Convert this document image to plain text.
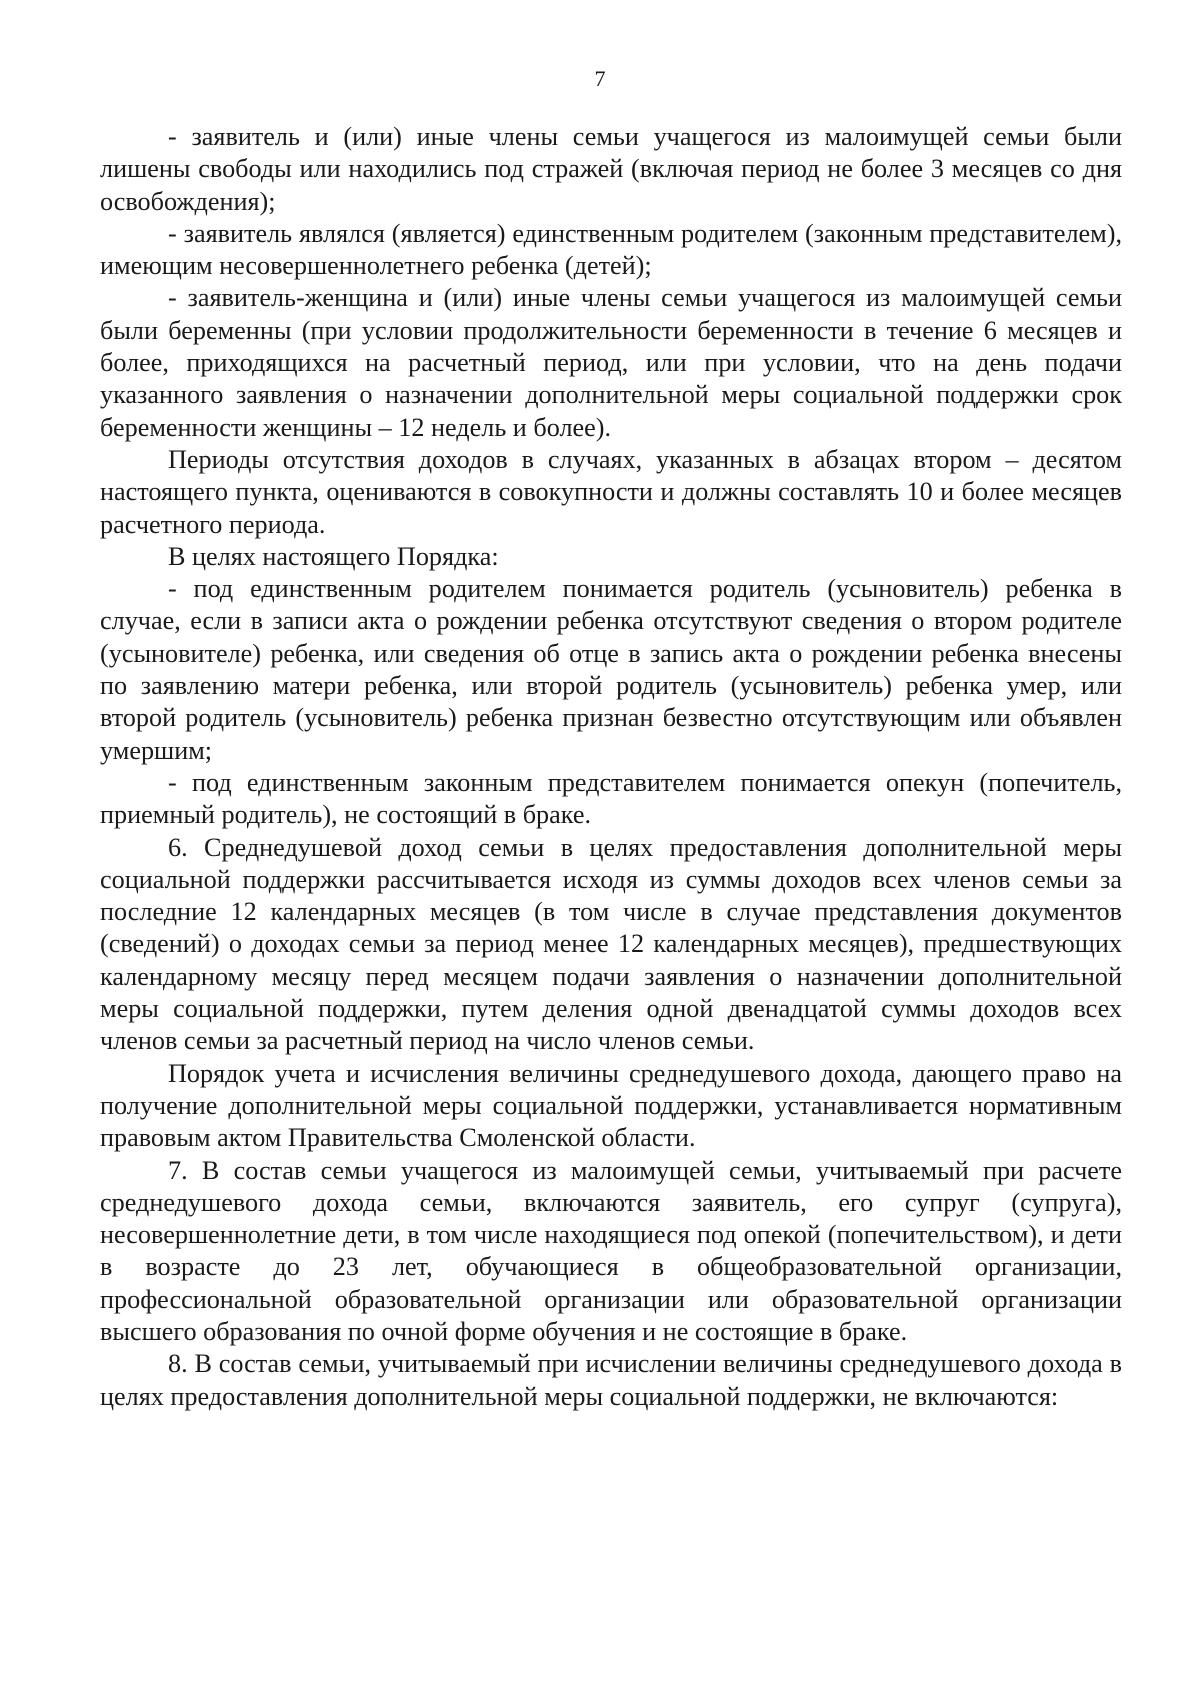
7

- заявитель и (или) иные члены семьи учащегося из малоимущей семьи были лишены свободы или находились под стражей (включая период не более 3 месяцев со дня освобождения);

- заявитель являлся (является) единственным родителем (законным представителем), имеющим несовершеннолетнего ребенка (детей);

- заявитель-женщина и (или) иные члены семьи учащегося из малоимущей семьи были беременны (при условии продолжительности беременности в течение 6 месяцев и более, приходящихся на расчетный период, или при условии, что на день подачи указанного заявления о назначении дополнительной меры социальной поддержки срок беременности женщины – 12 недель и более).

Периоды отсутствия доходов в случаях, указанных в абзацах втором – десятом настоящего пункта, оцениваются в совокупности и должны составлять 10 и более месяцев расчетного периода.

В целях настоящего Порядка:

- под единственным родителем понимается родитель (усыновитель) ребенка в случае, если в записи акта о рождении ребенка отсутствуют сведения о втором родителе (усыновителе) ребенка, или сведения об отце в запись акта о рождении ребенка внесены по заявлению матери ребенка, или второй родитель (усыновитель) ребенка умер, или второй родитель (усыновитель) ребенка признан безвестно отсутствующим или объявлен умершим;

- под единственным законным представителем понимается опекун (попечитель, приемный родитель), не состоящий в браке.

6. Среднедушевой доход семьи в целях предоставления дополнительной меры социальной поддержки рассчитывается исходя из суммы доходов всех членов семьи за последние 12 календарных месяцев (в том числе в случае представления документов (сведений) о доходах семьи за период менее 12 календарных месяцев), предшествующих календарному месяцу перед месяцем подачи заявления о назначении дополнительной меры социальной поддержки, путем деления одной двенадцатой суммы доходов всех членов семьи за расчетный период на число членов семьи.

Порядок учета и исчисления величины среднедушевого дохода, дающего право на получение дополнительной меры социальной поддержки, устанавливается нормативным правовым актом Правительства Смоленской области.

7. В состав семьи учащегося из малоимущей семьи, учитываемый при расчете среднедушевого дохода семьи, включаются заявитель, его супруг (супруга), несовершеннолетние дети, в том числе находящиеся под опекой (попечительством), и дети в возрасте до 23 лет, обучающиеся в общеобразовательной организации, профессиональной образовательной организации или образовательной организации высшего образования по очной форме обучения и не состоящие в браке.

8. В состав семьи, учитываемый при исчислении величины среднедушевого дохода в целях предоставления дополнительной меры социальной поддержки, не включаются:
